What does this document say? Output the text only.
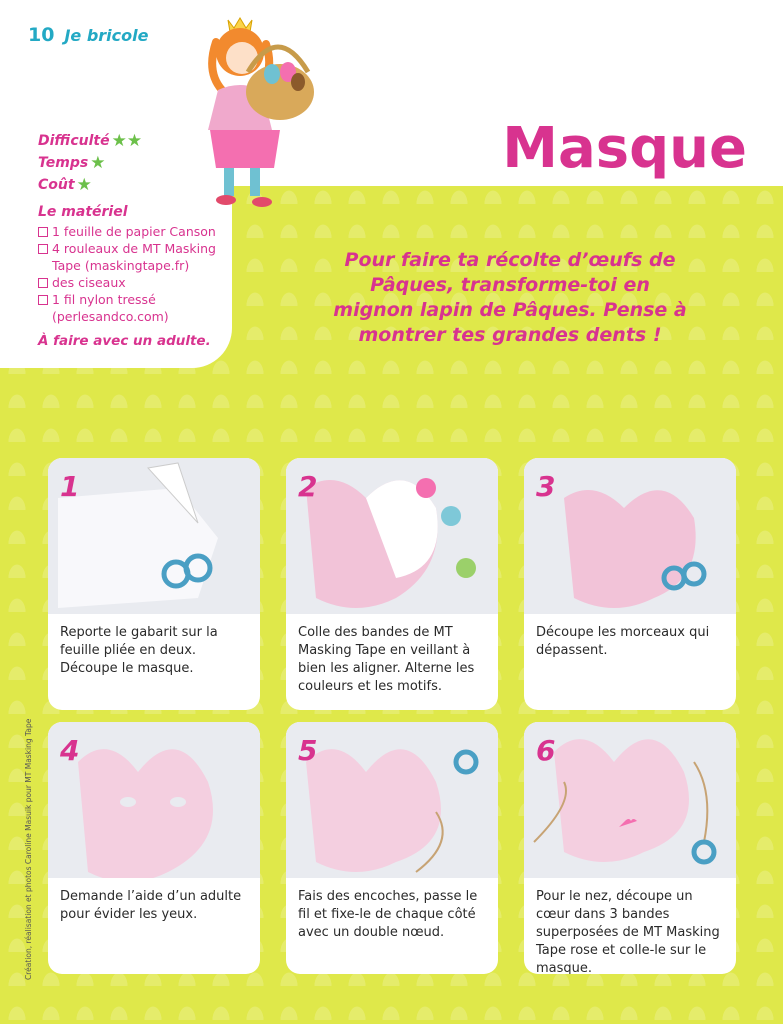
10 Je bricole
Difficulté ★★
Temps ★
Coût ★
Le matériel
1 feuille de papier Canson
4 rouleaux de MT Masking Tape (maskingtape.fr)
des ciseaux
1 fil nylon tressé (perlesandco.com)
À faire avec un adulte.
Masque
Pour faire ta récolte d’œufs de Pâques, transforme-toi en mignon lapin de Pâques. Pense à montrer tes grandes dents !
1
Reporte le gabarit sur la feuille pliée en deux. Découpe le masque.
2
Colle des bandes de MT Masking Tape en veillant à bien les aligner. Alterne les couleurs et les motifs.
3
Découpe les morceaux qui dépassent.
4
Demande l’aide d’un adulte pour évider les yeux.
5
Fais des encoches, passe le fil et fixe-le de chaque côté avec un double nœud.
6
Pour le nez, découpe un cœur dans 3 bandes superposées de MT Masking Tape rose et colle-le sur le masque.
Création, réalisation et photos Caroline Masuik pour MT Masking Tape
